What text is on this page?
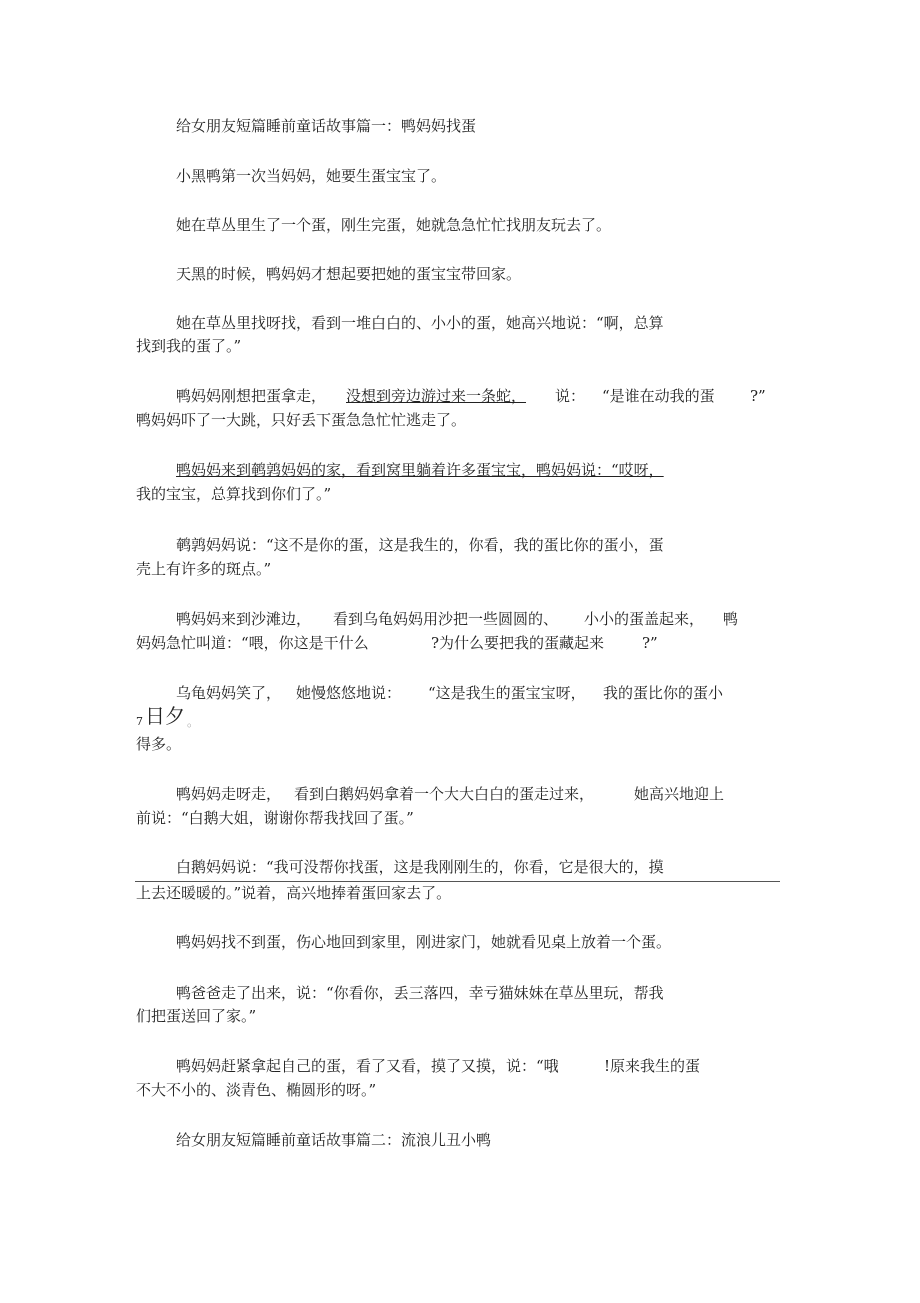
给女朋友短篇睡前童话故事篇一：鸭妈妈找蛋

小黑鸭第一次当妈妈，她要生蛋宝宝了。

她在草丛里生了一个蛋，刚生完蛋，她就急急忙忙找朋友玩去了。

天黑的时候，鸭妈妈才想起要把她的蛋宝宝带回家。

她在草丛里找呀找，看到一堆白白的、小小的蛋，她高兴地说：“啊，总算

找到我的蛋了。”

鸭妈妈刚想把蛋拿走， 没想到旁边游过来一条蛇， 说： “是谁在动我的蛋 ?”

鸭妈妈吓了一大跳，只好丢下蛋急急忙忙逃走了。

鸭妈妈来到鹌鹑妈妈的家，看到窝里躺着许多蛋宝宝，鸭妈妈说：“哎呀，

我的宝宝，总算找到你们了。”

鹌鹑妈妈说：“这不是你的蛋，这是我生的，你看，我的蛋比你的蛋小，蛋

壳上有许多的斑点。”

鸭妈妈来到沙滩边， 看到乌龟妈妈用沙把一些圆圆的、 小小的蛋盖起来， 鸭

妈妈急忙叫道：“喂，你这是干什么	?为什么要把我的蛋藏起来	?”

乌龟妈妈笑了， 她慢悠悠地说： “这是我生的蛋宝宝呀， 我的蛋比你的蛋小

7 日夕 。

得多。

鸭妈妈走呀走， 看到白鹅妈妈拿着一个大大白白的蛋走过来，	她高兴地迎上

前说：“白鹅大姐，谢谢你帮我找回了蛋。”

白鹅妈妈说：“我可没帮你找蛋，这是我刚刚生的，你看，它是很大的，摸

上去还暖暖的。”说着，高兴地捧着蛋回家去了。

鸭妈妈找不到蛋，伤心地回到家里，刚进家门，她就看见桌上放着一个蛋。

鸭爸爸走了出来，说：“你看你，丢三落四，幸亏猫妹妹在草丛里玩，帮我

们把蛋送回了家。”

鸭妈妈赶紧拿起自己的蛋，看了又看，摸了又摸，说：“哦	!原来我生的蛋

不大不小的、淡青色、椭圆形的呀。”

给女朋友短篇睡前童话故事篇二：流浪儿丑小鸭
